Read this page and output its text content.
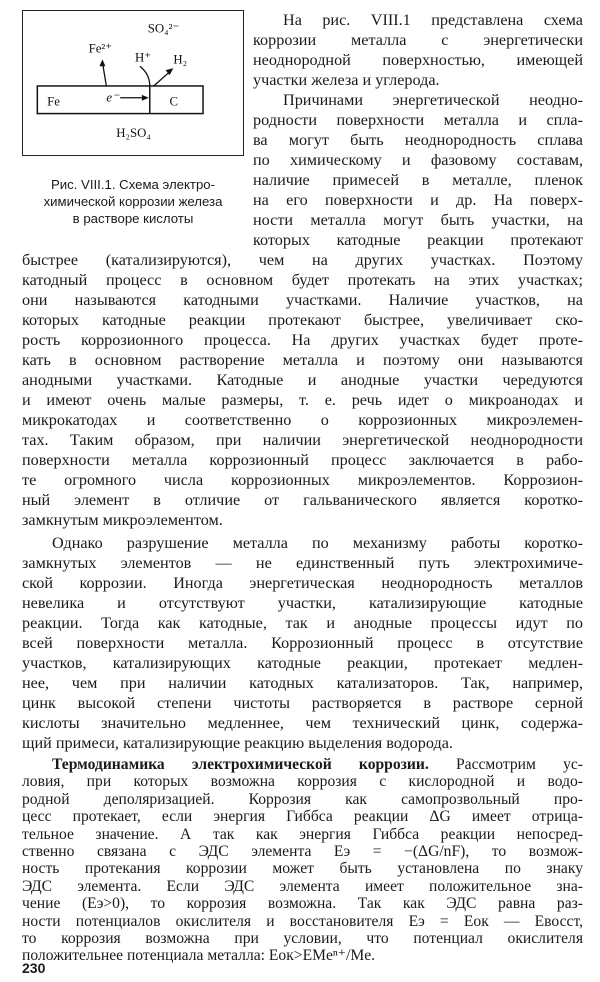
SO₄²⁻
Fe²⁺
H⁺ H₂
Fe	e⁻	C
H₂SO₄
Рис. VIII.1. Схема электро-
химической коррозии железа
в растворе кислоты
На рис. VIII.1 представлена схема
коррозии металла с энергетически
неоднородной поверхностью, имеющей
участки железа и углерода.
Причинами энергетической неодно-
родности поверхности металла и спла-
ва могут быть неоднородность сплава
по химическому и фазовому составам,
наличие примесей в металле, пленок
на его поверхности и др. На поверх-
ности металла могут быть участки, на
которых катодные реакции протекают
быстрее (катализируются), чем на других участках. Поэтому
катодный процесс в основном будет протекать на этих участках;
они называются катодными участками. Наличие участков, на
которых катодные реакции протекают быстрее, увеличивает ско-
рость коррозионного процесса. На других участках будет проте-
кать в основном растворение металла и поэтому они называются
анодными участками. Катодные и анодные участки чередуются
и имеют очень малые размеры, т. е. речь идет о микроанодах и
микрокатодах и соответственно о коррозионных микроэлемен-
тах. Таким образом, при наличии энергетической неоднородности
поверхности металла коррозионный процесс заключается в рабо-
те огромного числа коррозионных микроэлементов. Коррозион-
ный элемент в отличие от гальванического является коротко-
замкнутым микроэлементом.
Однако разрушение металла по механизму работы коротко-
замкнутых элементов — не единственный путь электрохимиче-
ской коррозии. Иногда энергетическая неоднородность металлов
невелика и отсутствуют участки, катализирующие катодные
реакции. Тогда как катодные, так и анодные процессы идут по
всей поверхности металла. Коррозионный процесс в отсутствие
участков, катализирующих катодные реакции, протекает медлен-
нее, чем при наличии катодных катализаторов. Так, например,
цинк высокой степени чистоты растворяется в растворе серной
кислоты значительно медленнее, чем технический цинк, содержа-
щий примеси, катализирующие реакцию выделения водорода.
Термодинамика электрохимической коррозии. Рассмотрим ус-
ловия, при которых возможна коррозия с кислородной и водо-
родной деполяризацией. Коррозия как самопрозвольный про-
цесс протекает, если энергия Гиббса реакции ΔG имеет отрица-
тельное значение. А так как энергия Гиббса реакции непосред-
ственно связана с ЭДС элемента Eэ = −(ΔG/nF), то возмож-
ность протекания коррозии может быть установлена по знаку
ЭДС элемента. Если ЭДС элемента имеет положительное зна-
чение (Eэ>0), то коррозия возможна. Так как ЭДС равна раз-
ности потенциалов окислителя и восстановителя Eэ = Eок — Eвосст,
то коррозия возможна при условии, что потенциал окислителя
положительнее потенциала металла: Eок>EMeⁿ⁺/Me.
230
